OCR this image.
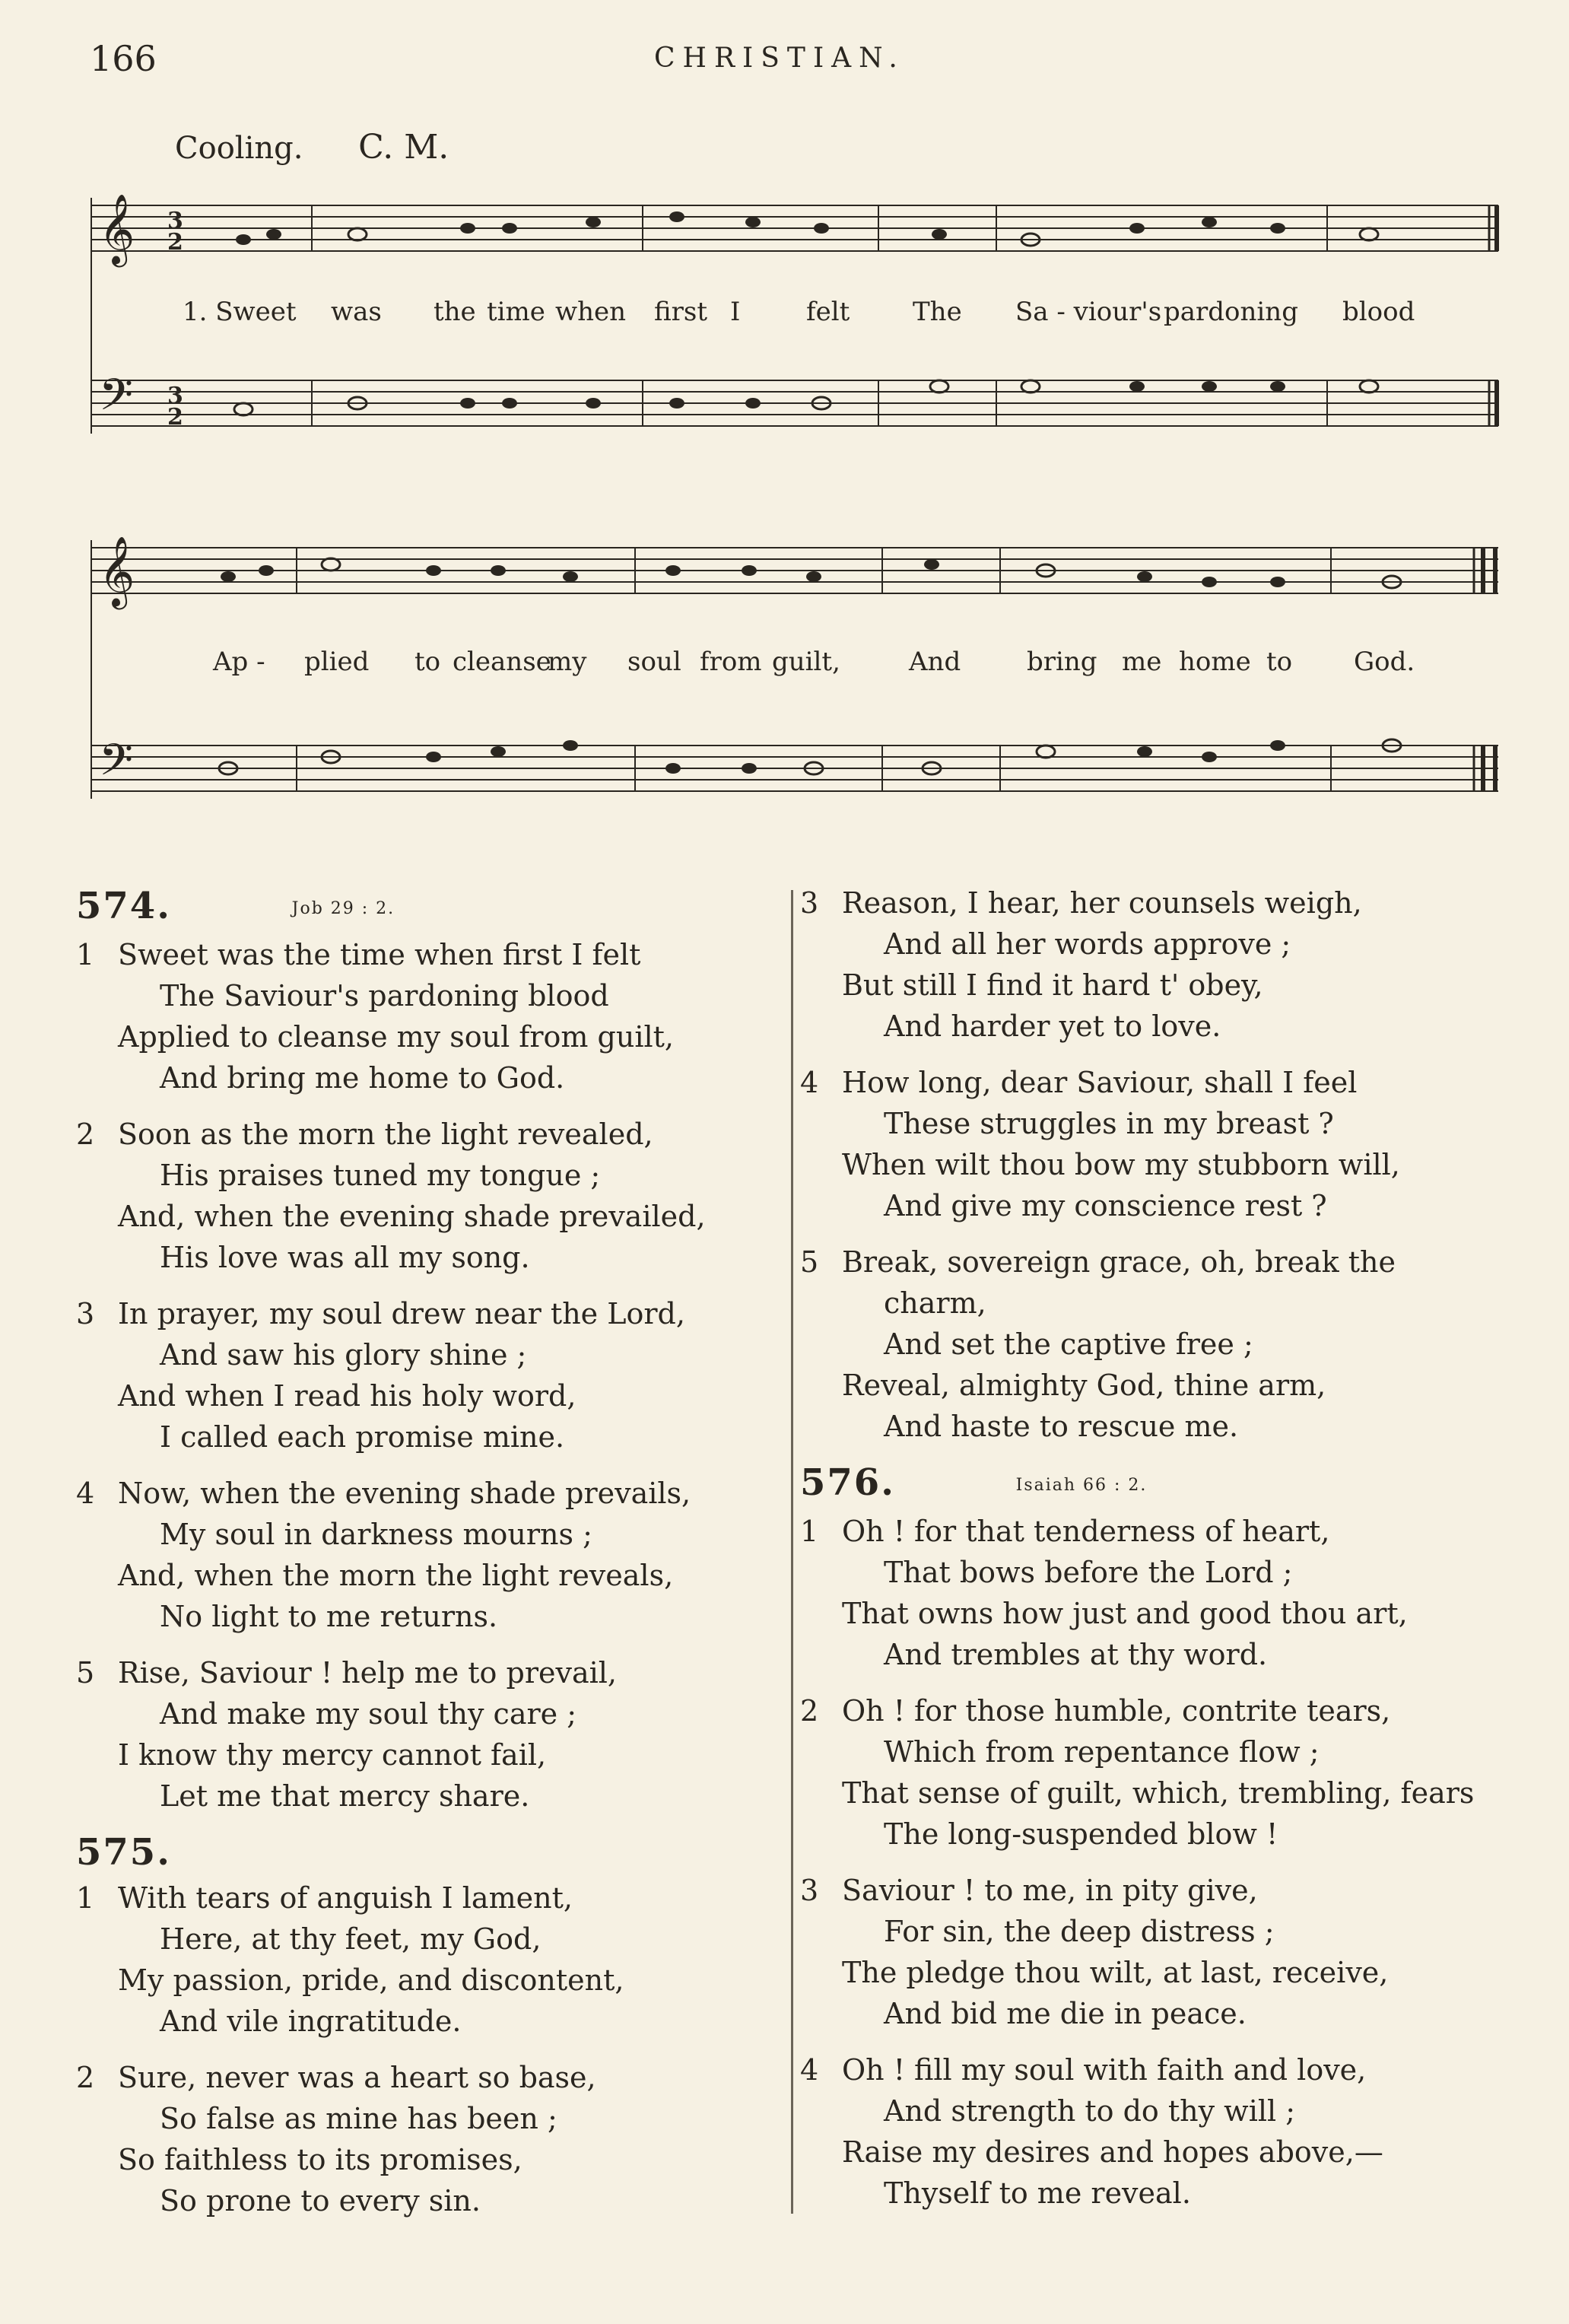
166	CHRISTIAN.
Cooling. C. M.
𝄞
𝄢
3
2
3
2
1. Sweet was the time when first I	felt The Sa - viour's pardoning blood
𝄞
𝄢
Ap - plied to cleanse
my soul from guilt,	And	bring me home to God.
574.	Job 29 : 2.
1 Sweet was the time when first I felt
The Saviour's pardoning blood
Applied to cleanse my soul from guilt,
And bring me home to God.
2 Soon as the morn the light revealed,
His praises tuned my tongue ;
And, when the evening shade prevailed,
His love was all my song.
3 In prayer, my soul drew near the Lord,
And saw his glory shine ;
And when I read his holy word,
I called each promise mine.
4 Now, when the evening shade prevails,
My soul in darkness mourns ;
And, when the morn the light reveals,
No light to me returns.
5 Rise, Saviour ! help me to prevail,
And make my soul thy care ;
I know thy mercy cannot fail,
Let me that mercy share.
575.
1 With tears of anguish I lament,
Here, at thy feet, my God,
My passion, pride, and discontent,
And vile ingratitude.
2 Sure, never was a heart so base,
So false as mine has been ;
So faithless to its promises,
So prone to every sin.
3 Reason, I hear, her counsels weigh,
And all her words approve ;
But still I find it hard t' obey,
And harder yet to love.
4 How long, dear Saviour, shall I feel
These struggles in my breast ?
When wilt thou bow my stubborn will,
And give my conscience rest ?
5 Break, sovereign grace, oh, break the
charm,
And set the captive free ;
Reveal, almighty God, thine arm,
And haste to rescue me.
576.	Isaiah 66 : 2.
1 Oh ! for that tenderness of heart,
That bows before the Lord ;
That owns how just and good thou art,
And trembles at thy word.
2 Oh ! for those humble, contrite tears,
Which from repentance flow ;
That sense of guilt, which, trembling, fears
The long-suspended blow !
3 Saviour ! to me, in pity give,
For sin, the deep distress ;
The pledge thou wilt, at last, receive,
And bid me die in peace.
4 Oh ! fill my soul with faith and love,
And strength to do thy will ;
Raise my desires and hopes above,—
Thyself to me reveal.
